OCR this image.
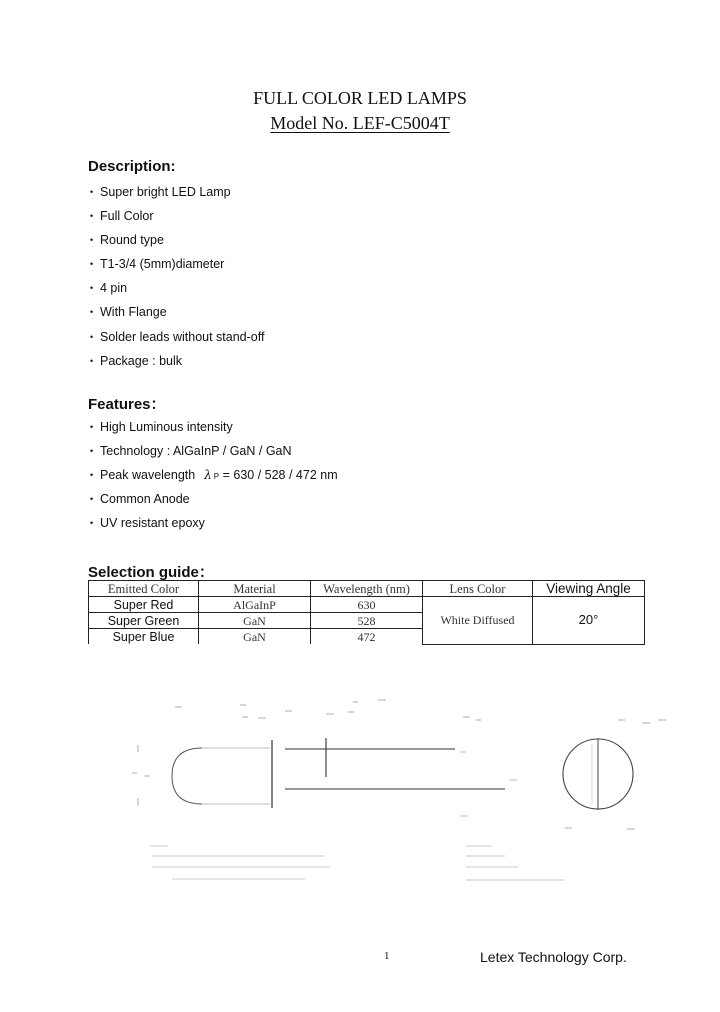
FULL COLOR LED LAMPS
Model No. LEF-C5004T
Description:
• Super bright LED Lamp
• Full Color
• Round type
• T1-3/4 (5mm)diameter
• 4 pin
• With Flange
• Solder leads without stand-off
• Package : bulk
Features：
• High Luminous intensity
• Technology : AlGaInP / GaN / GaN
• Peak wavelength λ P = 630 / 528 / 472 nm
• Common Anode
• UV resistant epoxy
Selection guide：
Emitted Color	Material	Wavelength (nm)	Lens Color	Viewing Angle
Super Red	AlGaInP	630	White Diffused	20°
Super Green	GaN	528		
Super Blue	GaN	472		
1	Letex Technology Corp.
